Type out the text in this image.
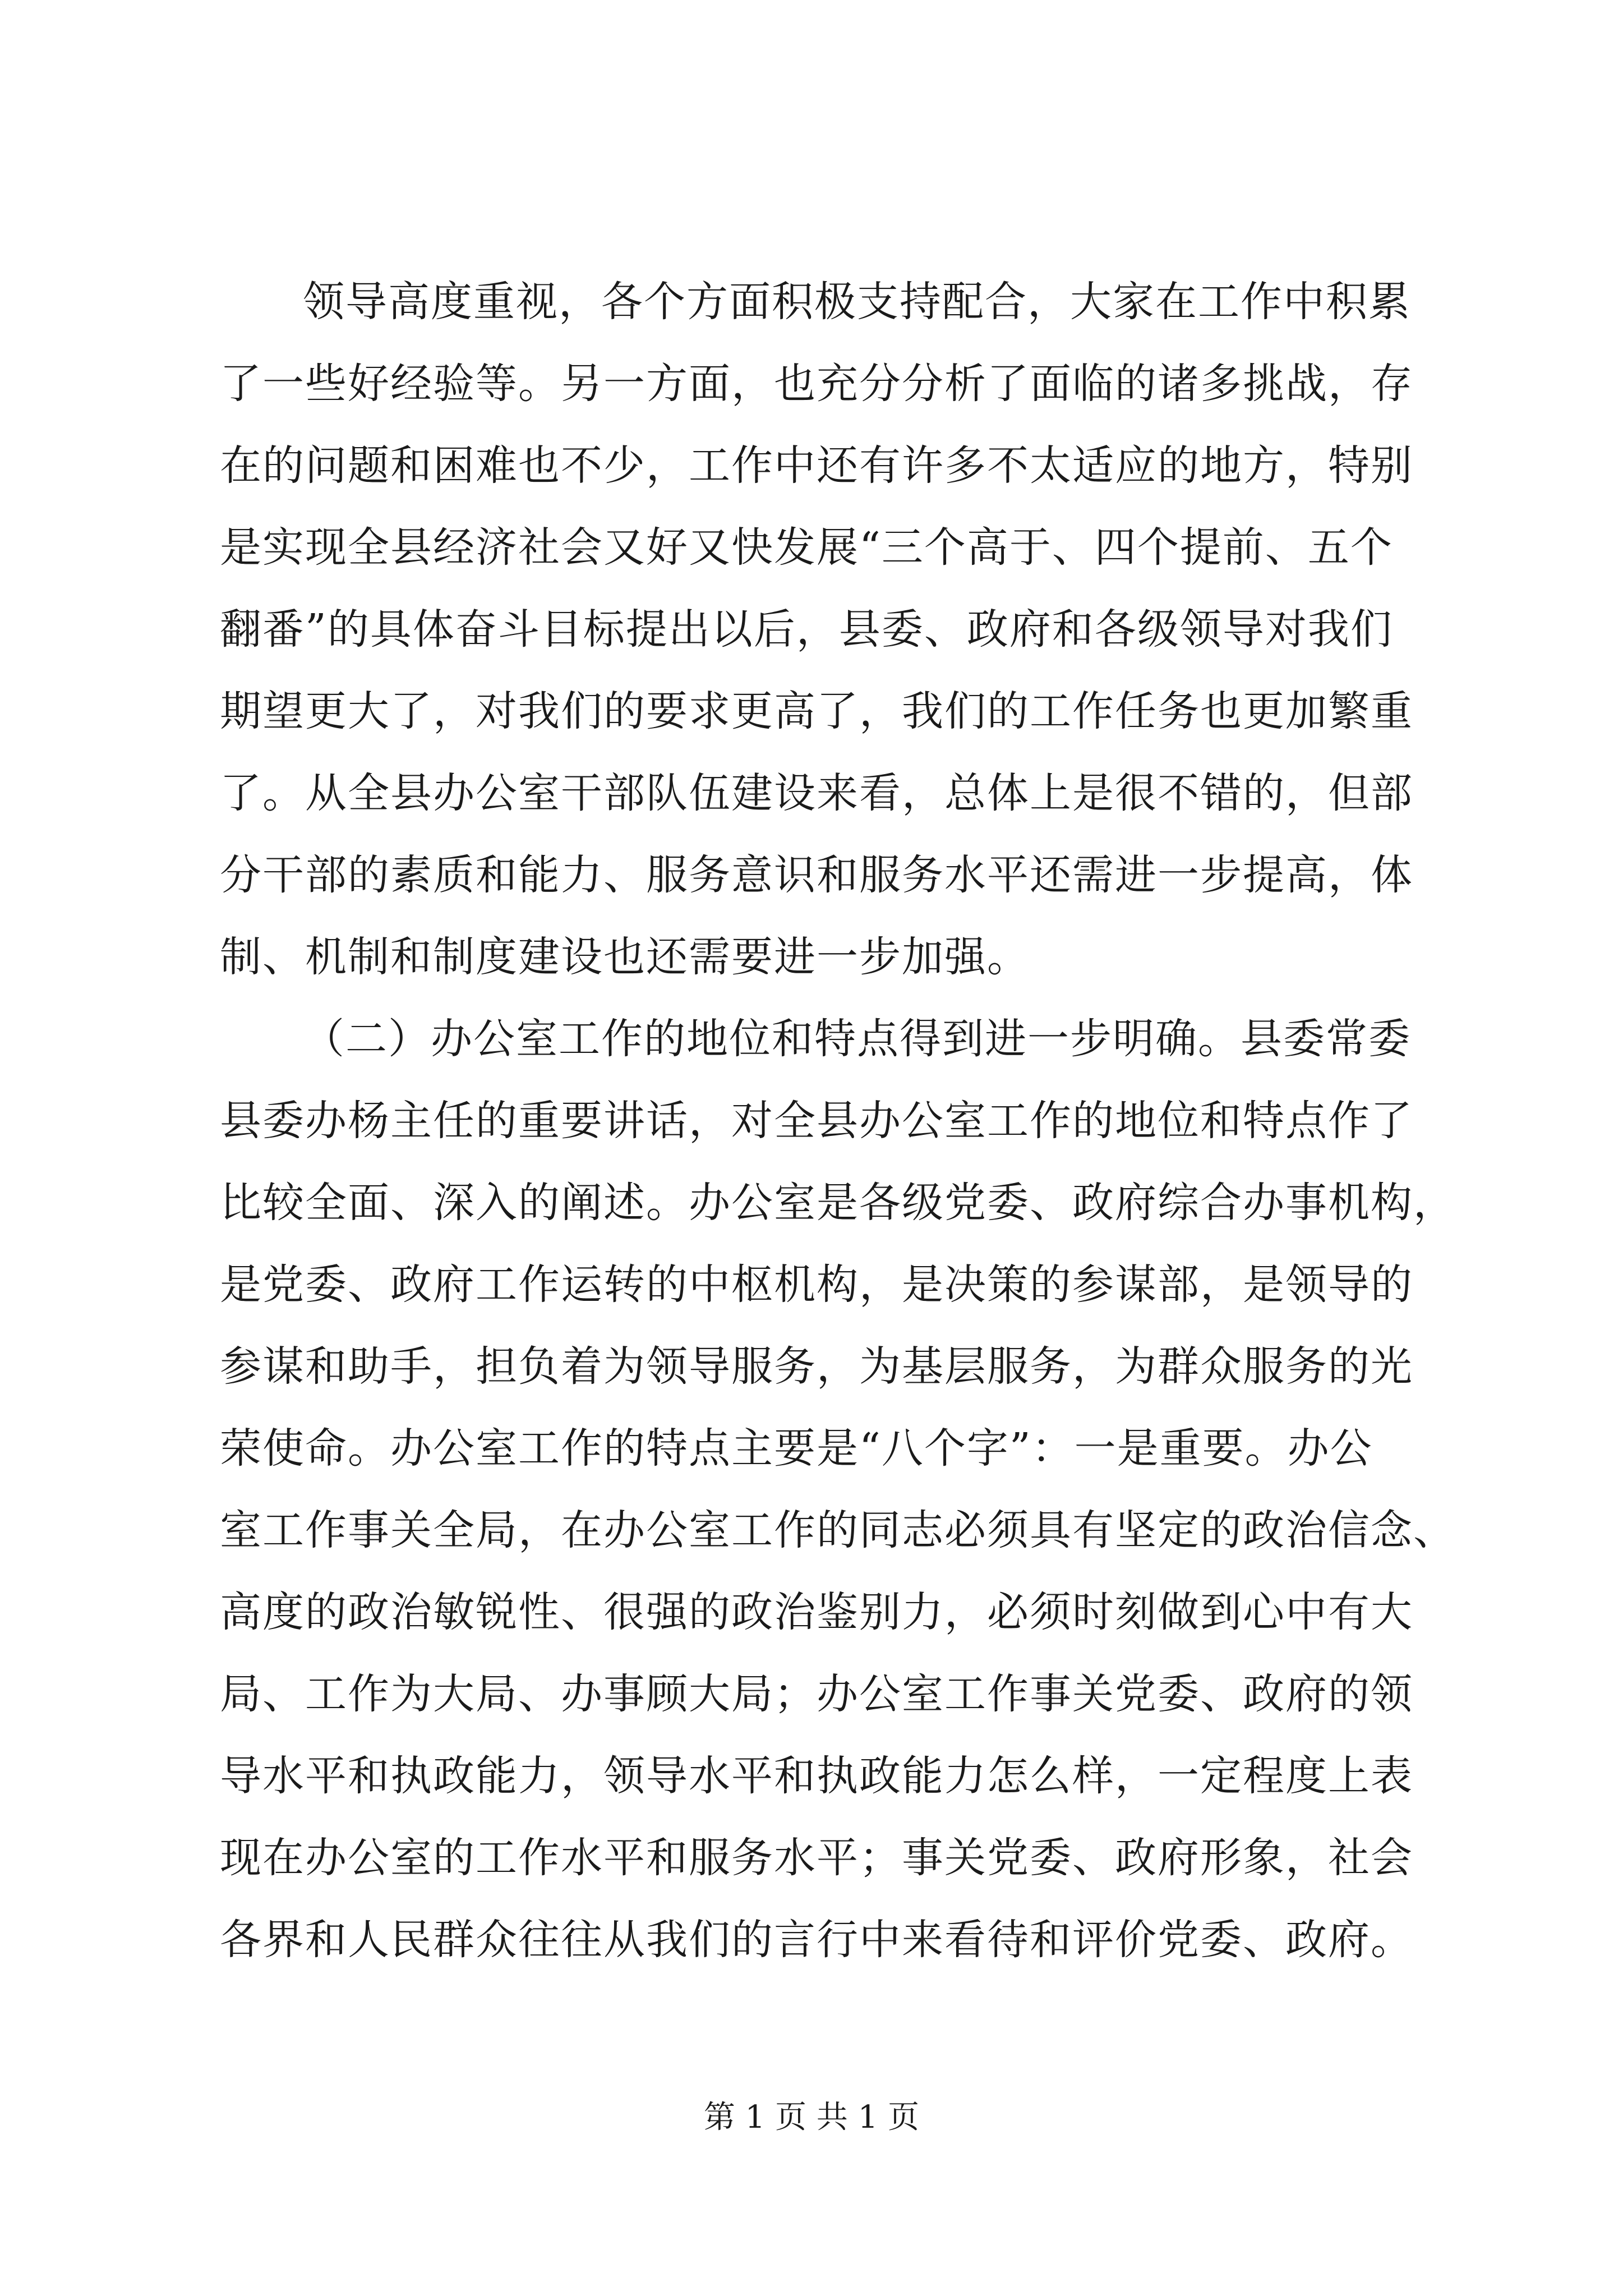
领导高度重视，各个方面积极支持配合，大家在工作中积累
了一些好经验等。另一方面，也充分分析了面临的诸多挑战，存
在的问题和困难也不少，工作中还有许多不太适应的地方，特别
是实现全县经济社会又好又快发展“三个高于、四个提前、五个
翻番”的具体奋斗目标提出以后，县委、政府和各级领导对我们
期望更大了，对我们的要求更高了，我们的工作任务也更加繁重
了。从全县办公室干部队伍建设来看，总体上是很不错的，但部
分干部的素质和能力、服务意识和服务水平还需进一步提高，体
制、机制和制度建设也还需要进一步加强。
（二）办公室工作的地位和特点得到进一步明确。县委常委
县委办杨主任的重要讲话，对全县办公室工作的地位和特点作了
比较全面、深入的阐述。办公室是各级党委、政府综合办事机构，
是党委、政府工作运转的中枢机构，是决策的参谋部，是领导的
参谋和助手，担负着为领导服务，为基层服务，为群众服务的光
荣使命。办公室工作的特点主要是“八个字”：一是重要。办公
室工作事关全局，在办公室工作的同志必须具有坚定的政治信念、
高度的政治敏锐性、很强的政治鉴别力，必须时刻做到心中有大
局、工作为大局、办事顾大局；办公室工作事关党委、政府的领
导水平和执政能力，领导水平和执政能力怎么样，一定程度上表
现在办公室的工作水平和服务水平；事关党委、政府形象，社会
各界和人民群众往往从我们的言行中来看待和评价党委、政府。
第 1 页 共 1 页
